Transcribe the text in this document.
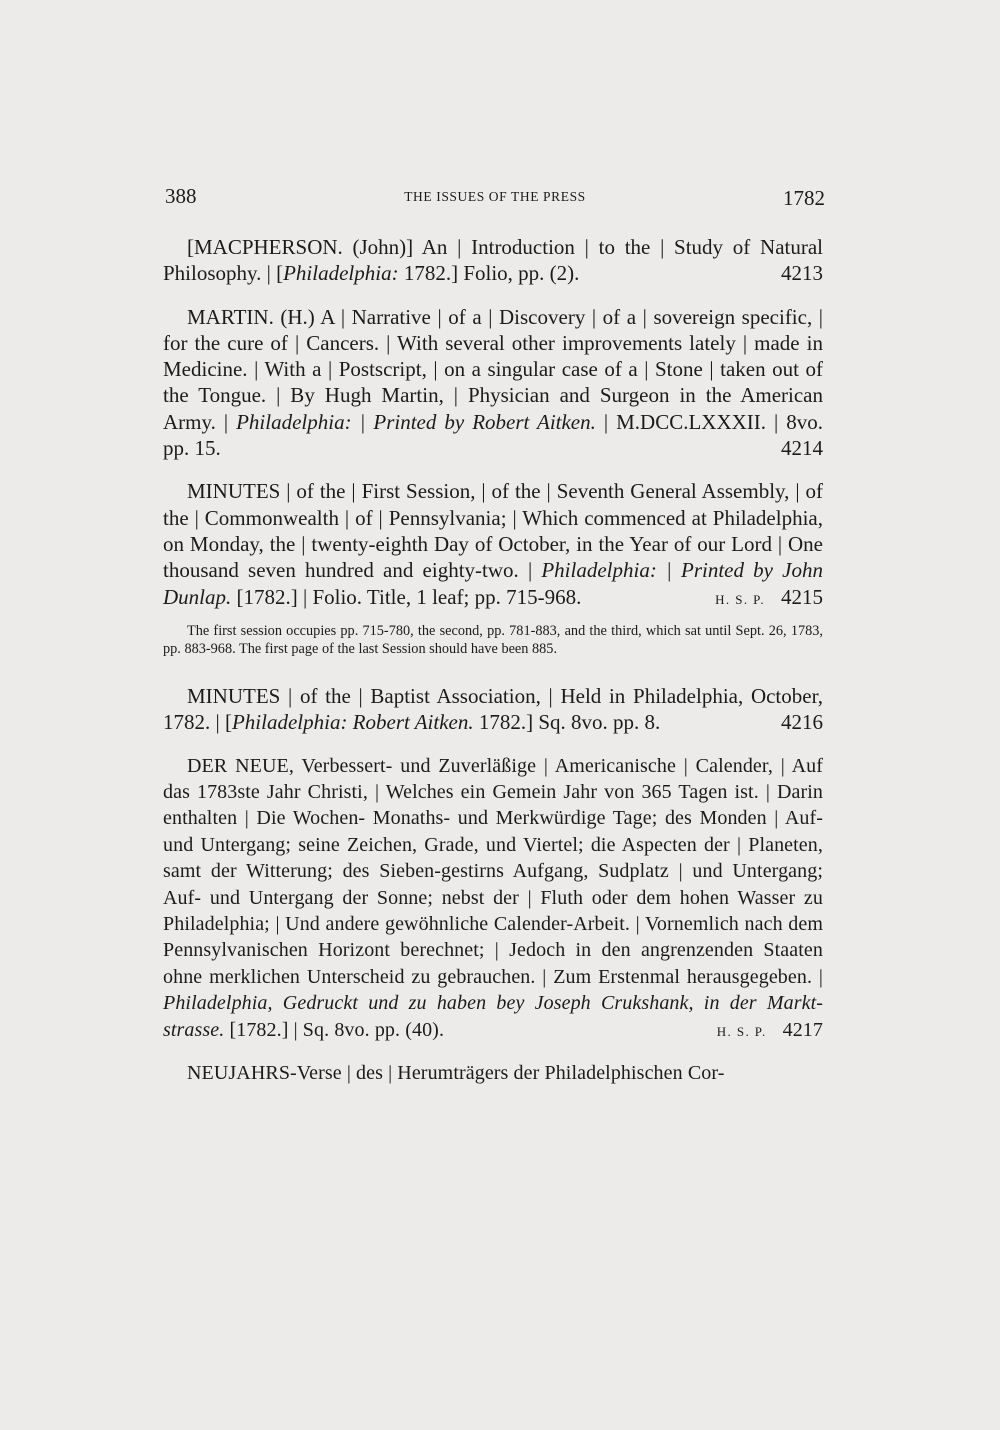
388	THE ISSUES OF THE PRESS	1782

[MACPHERSON. (John)] An | Introduction | to the | Study of Natural Philosophy. | [Philadelphia: 1782.] Folio, pp. (2).	4213

MARTIN. (H.) A | Narrative | of a | Discovery | of a | sovereign specific, | for the cure of | Cancers. | With several other improvements lately | made in Medicine. | With a | Postscript, | on a singular case of a | Stone | taken out of the Tongue. | By Hugh Martin, | Physician and Surgeon in the American Army. | Philadelphia: | Printed by Robert Aitken. | M.DCC.LXXXII. | 8vo. pp. 15.	4214

MINUTES | of the | First Session, | of the | Seventh General Assembly, | of the | Commonwealth | of | Pennsylvania; | Which commenced at Philadelphia, on Monday, the | twenty-eighth Day of October, in the Year of our Lord | One thousand seven hundred and eighty-two. | Philadelphia: | Printed by John Dunlap. [1782.] | Folio. Title, 1 leaf; pp. 715-968.	H. S. P. 4215

The first session occupies pp. 715-780, the second, pp. 781-883, and the third, which sat until Sept. 26, 1783, pp. 883-968. The first page of the last Session should have been 885.

MINUTES | of the | Baptist Association, | Held in Philadelphia, October, 1782. | [Philadelphia: Robert Aitken. 1782.] Sq. 8vo. pp. 8.	4216

DER NEUE, Verbessert- und Zuverläßige | Americanische | Calender, | Auf das 1783ste Jahr Christi, | Welches ein Gemein Jahr von 365 Tagen ist. | Darin enthalten | Die Wochen- Monaths- und Merkwürdige Tage; des Monden | Auf- und Untergang; seine Zeichen, Grade, und Viertel; die Aspecten der | Planeten, samt der Witterung; des Sieben-gestirns Aufgang, Sudplatz | und Untergang; Auf- und Untergang der Sonne; nebst der | Fluth oder dem hohen Wasser zu Philadelphia; | Und andere gewöhnliche Calender-Arbeit. | Vornemlich nach dem Pennsylvanischen Horizont berechnet; | Jedoch in den angrenzenden Staaten ohne merklichen Unterscheid zu gebrauchen. | Zum Erstenmal herausgegeben. | Philadelphia, Gedruckt und zu haben bey Joseph Crukshank, in der Markt-strasse. [1782.] | Sq. 8vo. pp. (40).	H. S. P. 4217

NEUJAHRS-Verse | des | Herumträgers der Philadelphischen Cor-
